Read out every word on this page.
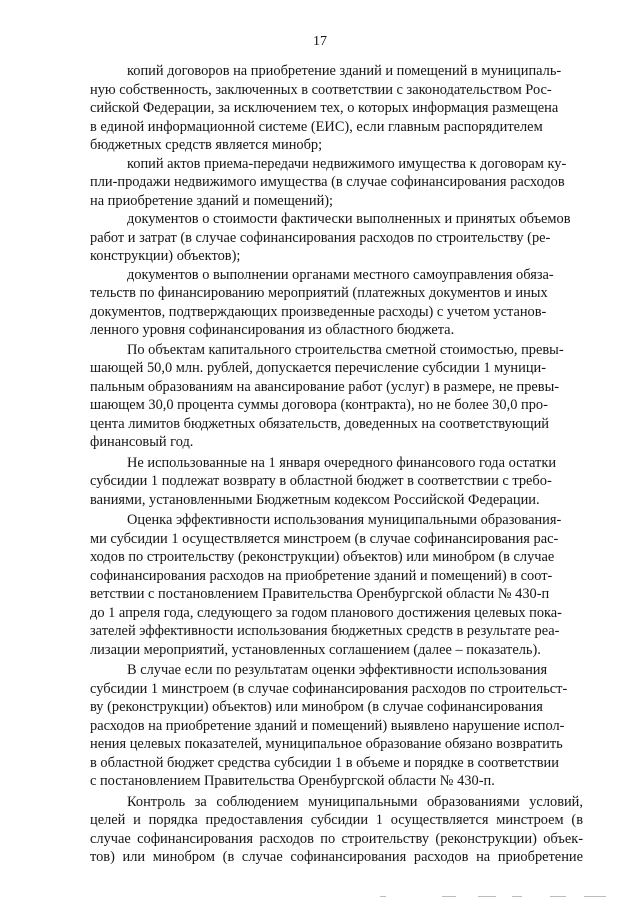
17

копий договоров на приобретение зданий и помещений в муниципаль-
ную собственность, заключенных в соответствии с законодательством Рос-
сийской Федерации, за исключением тех, о которых информация размещена
в единой информационной системе (ЕИС), если главным распорядителем
бюджетных средств является минобр;

копий актов приема-передачи недвижимого имущества к договорам ку-
пли-продажи недвижимого имущества (в случае софинансирования расходов
на приобретение зданий и помещений);

документов о стоимости фактически выполненных и принятых объемов
работ и затрат (в случае софинансирования расходов по строительству (ре-
конструкции) объектов);

документов о выполнении органами местного самоуправления обяза-
тельств по финансированию мероприятий (платежных документов и иных
документов, подтверждающих произведенные расходы) с учетом установ-
ленного уровня софинансирования из областного бюджета.

По объектам капитального строительства сметной стоимостью, превы-
шающей 50,0 млн. рублей, допускается перечисление субсидии 1 муници-
пальным образованиям на авансирование работ (услуг) в размере, не превы-
шающем 30,0 процента суммы договора (контракта), но не более 30,0 про-
цента лимитов бюджетных обязательств, доведенных на соответствующий
финансовый год.

Не использованные на 1 января очередного финансового года остатки
субсидии 1 подлежат возврату в областной бюджет в соответствии с требо-
ваниями, установленными Бюджетным кодексом Российской Федерации.

Оценка эффективности использования муниципальными образования-
ми субсидии 1 осуществляется минстроем (в случае софинансирования рас-
ходов по строительству (реконструкции) объектов) или минобром (в случае
софинансирования расходов на приобретение зданий и помещений) в соот-
ветствии с постановлением Правительства Оренбургской области № 430-п
до 1 апреля года, следующего за годом планового достижения целевых пока-
зателей эффективности использования бюджетных средств в результате реа-
лизации мероприятий, установленных соглашением (далее – показатель).

В случае если по результатам оценки эффективности использования
субсидии 1 минстроем (в случае софинансирования расходов по строительст-
ву (реконструкции) объектов) или минобром (в случае софинансирования
расходов на приобретение зданий и помещений) выявлено нарушение испол-
нения целевых показателей, муниципальное образование обязано возвратить
в областной бюджет средства субсидии 1 в объеме и порядке в соответствии
с постановлением Правительства Оренбургской области № 430-п.

Контроль за соблюдением муниципальными образованиями условий,
целей и порядка предоставления субсидии 1 осуществляется минстроем (в
случае софинансирования расходов по строительству (реконструкции) объек-
тов) или минобром (в случае софинансирования расходов на приобретение
